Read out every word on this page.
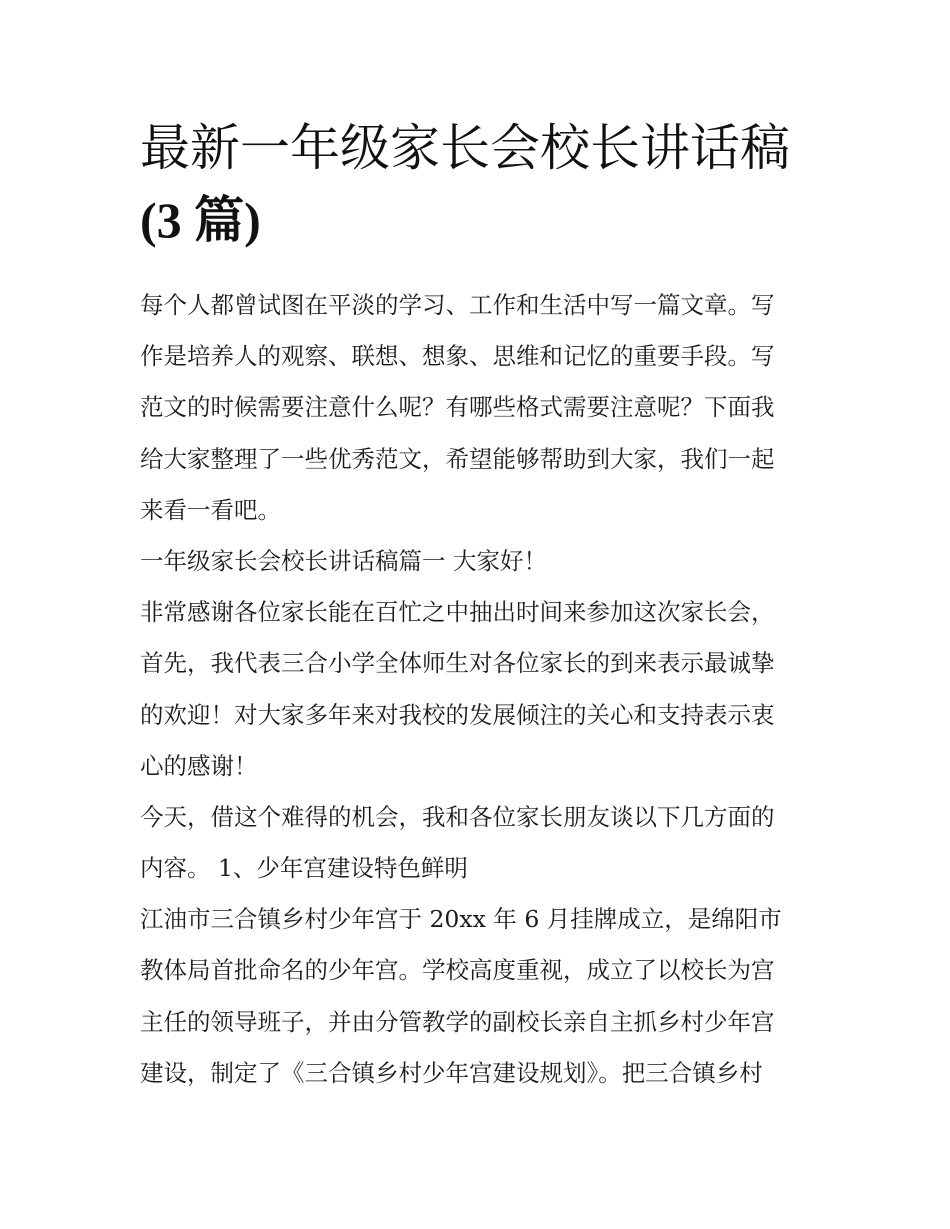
最新一年级家长会校长讲话稿
(3 篇)
每个人都曾试图在平淡的学习、工作和生活中写一篇文章。写
作是培养人的观察、联想、想象、思维和记忆的重要手段。写
范文的时候需要注意什么呢？有哪些格式需要注意呢？下面我
给大家整理了一些优秀范文，希望能够帮助到大家，我们一起
来看一看吧。
一年级家长会校长讲话稿篇一 大家好！
非常感谢各位家长能在百忙之中抽出时间来参加这次家长会，
首先，我代表三合小学全体师生对各位家长的到来表示最诚挚
的欢迎！对大家多年来对我校的发展倾注的关心和支持表示衷
心的感谢！
今天，借这个难得的机会，我和各位家长朋友谈以下几方面的
内容。 1、少年宫建设特色鲜明
江油市三合镇乡村少年宫于 20xx 年 6 月挂牌成立，是绵阳市
教体局首批命名的少年宫。学校高度重视，成立了以校长为宫
主任的领导班子，并由分管教学的副校长亲自主抓乡村少年宫
建设，制定了《三合镇乡村少年宫建设规划》。把三合镇乡村
